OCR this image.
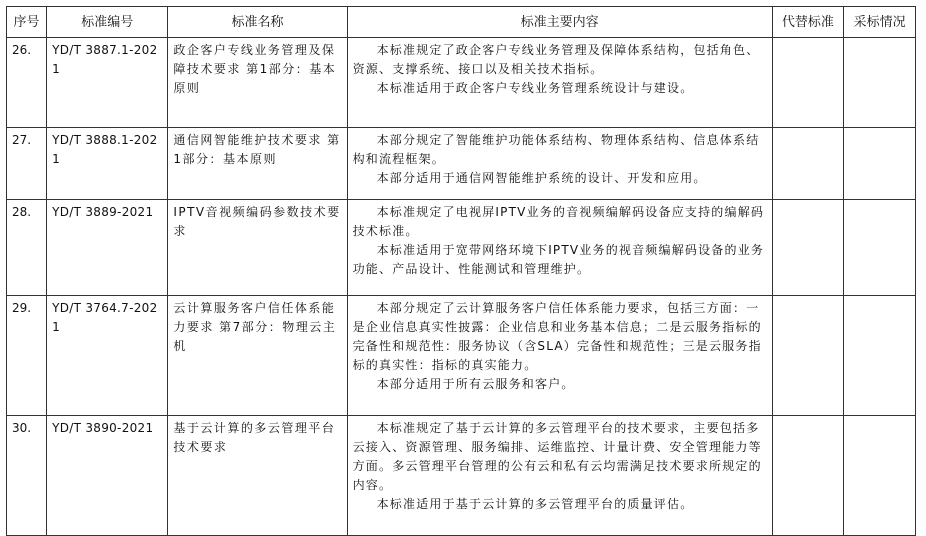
序号	标准编号	标准名称	标准主要内容	代替标准	采标情况
26.	YD/T 3887.1-2021	政企客户专线业务管理及保障技术要求 第1部分：基本原则	本标准规定了政企客户专线业务管理及保障体系结构，包括角色、资源、支撑系统、接口以及相关技术指标。

本标准适用于政企客户专线业务管理系统设计与建设。		

27.	YD/T 3888.1-2021	通信网智能维护技术要求 第1部分：基本原则	本部分规定了智能维护功能体系结构、物理体系结构、信息体系结构和流程框架。

本部分适用于通信网智能维护系统的设计、开发和应用。		

28.	YD/T 3889-2021	IPTV音视频编码参数技术要求	本标准规定了电视屏IPTV业务的音视频编解码设备应支持的编解码技术标准。

本标准适用于宽带网络环境下IPTV业务的视音频编解码设备的业务功能、产品设计、性能测试和管理维护。		

29.	YD/T 3764.7-2021	云计算服务客户信任体系能力要求 第7部分：物理云主机	本部分规定了云计算服务客户信任体系能力要求，包括三方面：一是企业信息真实性披露：企业信息和业务基本信息；二是云服务指标的完备性和规范性：服务协议（含SLA）完备性和规范性；三是云服务指标的真实性：指标的真实能力。

本部分适用于所有云服务和客户。		

30.	YD/T 3890-2021	基于云计算的多云管理平台技术要求	本标准规定了基于云计算的多云管理平台的技术要求，主要包括多云接入、资源管理、服务编排、运维监控、计量计费、安全管理能力等方面。多云管理平台管理的公有云和私有云均需满足技术要求所规定的内容。

本标准适用于基于云计算的多云管理平台的质量评估。		
